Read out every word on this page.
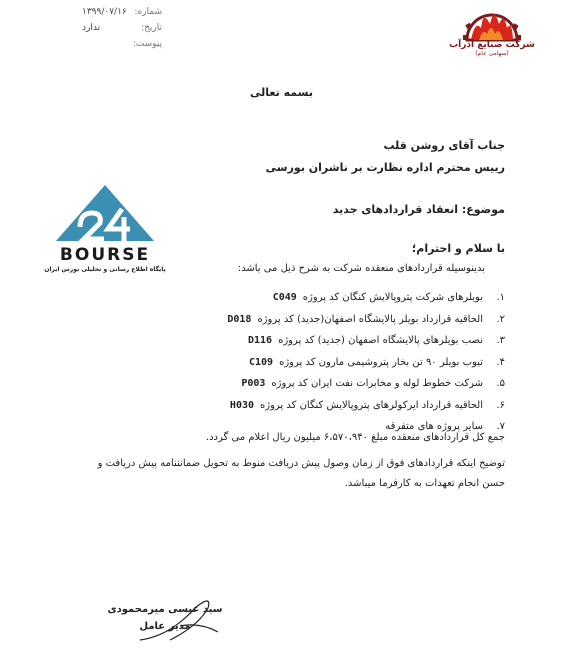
شماره:
۱۳۹۹/۰۷/۱۶
تاریخ:
ندارد
پیوست:	شرکت صنایع آذرآب
(سهامی عام)
بسمه تعالی
جناب آقای روشن قلب
رییس محترم اداره نظارت بر ناشران بورسی
موضوع: انعقاد قراردادهای جدید
BOURSE
پایگاه اطلاع رسانی و تحلیلی بورس ایران
با سلام و احترام؛
بدینوسیله قراردادهای منعقده شرکت به شرح ذیل می باشد:
۱.
بویلرهای شرکت پتروپالایش کنگان کد پروژه
C049
۲.
الحاقیه قرارداد بویلر پالایشگاه اصفهان(جدید) کد پروژه
D018
۳.
نصب بویلرهای پالایشگاه اصفهان (جدید) کد پروژه
D116
۴.
تیوب بویلر ۹۰ تن بخار پتروشیمی مارون کد پروژه
C109
۵.
شرکت خطوط لوله و مخابرات نفت ایران کد پروژه
P003
۶.
الحاقیه قرارداد ایرکولرهای پتروپالایش کنگان کد پروژه
H030
۷.
سایر پروژه های متفرقه
جمع کل قراردادهای منعقده مبلغ ۶،۵۷۰،۹۴۰ میلیون ریال اعلام می گردد.
توضیح اینکه قراردادهای فوق از زمان وصول پیش دریافت منوط به تحویل ضمانتنامه پیش دریافت و حسن انجام تعهدات به کارفرما میباشد.
سید عیسی میرمحمودی
مدیر عامل
